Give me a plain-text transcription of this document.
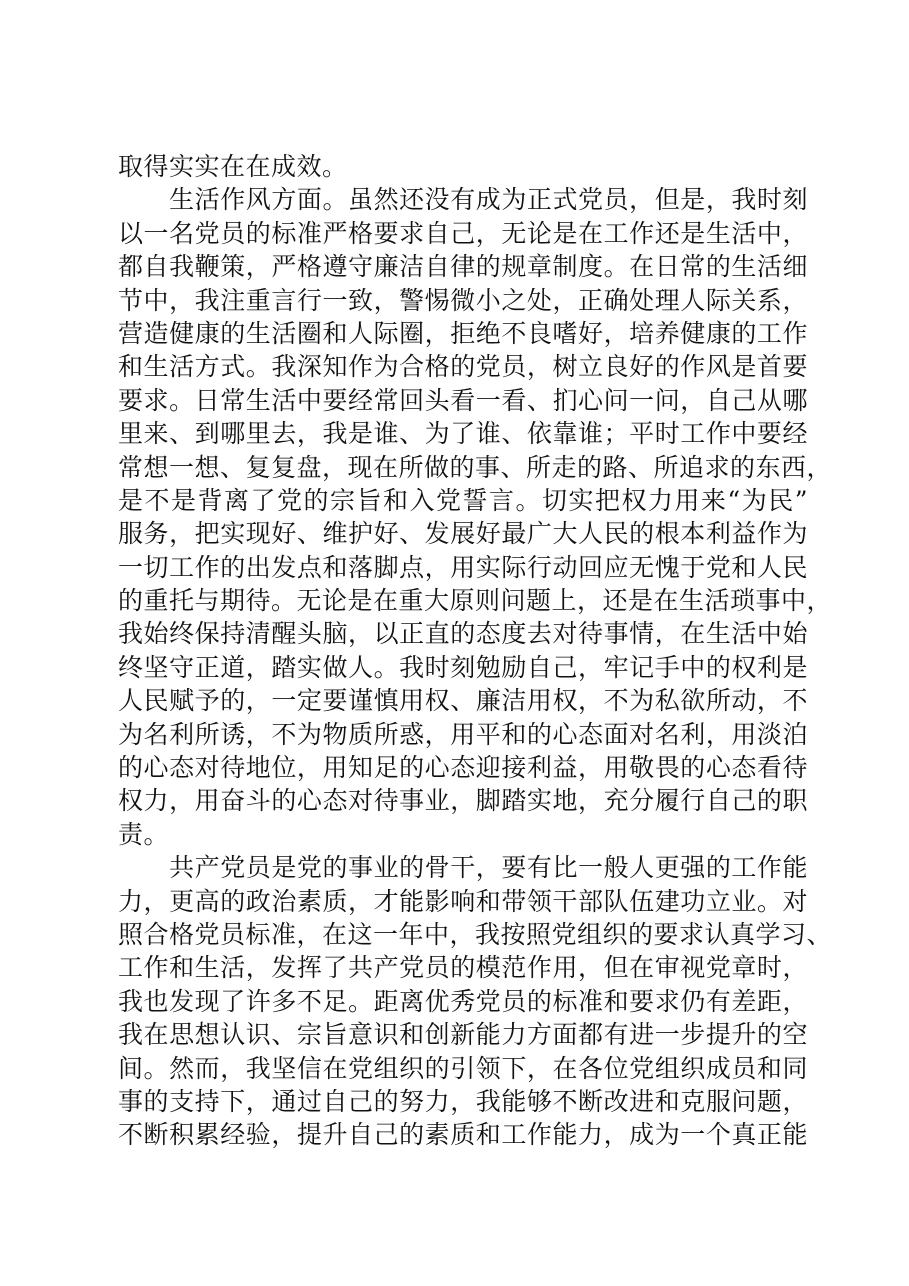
取得实实在在成效。
　　生活作风方面。虽然还没有成为正式党员，但是，我时刻
以一名党员的标准严格要求自己，无论是在工作还是生活中，
都自我鞭策，严格遵守廉洁自律的规章制度。在日常的生活细
节中，我注重言行一致，警惕微小之处，正确处理人际关系，
营造健康的生活圈和人际圈，拒绝不良嗜好，培养健康的工作
和生活方式。我深知作为合格的党员，树立良好的作风是首要
要求。日常生活中要经常回头看一看、扪心问一问，自己从哪
里来、到哪里去，我是谁、为了谁、依靠谁；平时工作中要经
常想一想、复复盘，现在所做的事、所走的路、所追求的东西，
是不是背离了党的宗旨和入党誓言。切实把权力用来“为民”
服务，把实现好、维护好、发展好最广大人民的根本利益作为
一切工作的出发点和落脚点，用实际行动回应无愧于党和人民
的重托与期待。无论是在重大原则问题上，还是在生活琐事中，
我始终保持清醒头脑，以正直的态度去对待事情，在生活中始
终坚守正道，踏实做人。我时刻勉励自己，牢记手中的权利是
人民赋予的，一定要谨慎用权、廉洁用权，不为私欲所动，不
为名利所诱，不为物质所惑，用平和的心态面对名利，用淡泊
的心态对待地位，用知足的心态迎接利益，用敬畏的心态看待
权力，用奋斗的心态对待事业，脚踏实地，充分履行自己的职
责。
　　共产党员是党的事业的骨干，要有比一般人更强的工作能
力，更高的政治素质，才能影响和带领干部队伍建功立业。对
照合格党员标准，在这一年中，我按照党组织的要求认真学习、
工作和生活，发挥了共产党员的模范作用，但在审视党章时，
我也发现了许多不足。距离优秀党员的标准和要求仍有差距，
我在思想认识、宗旨意识和创新能力方面都有进一步提升的空
间。然而，我坚信在党组织的引领下，在各位党组织成员和同
事的支持下，通过自己的努力，我能够不断改进和克服问题，
不断积累经验，提升自己的素质和工作能力，成为一个真正能
